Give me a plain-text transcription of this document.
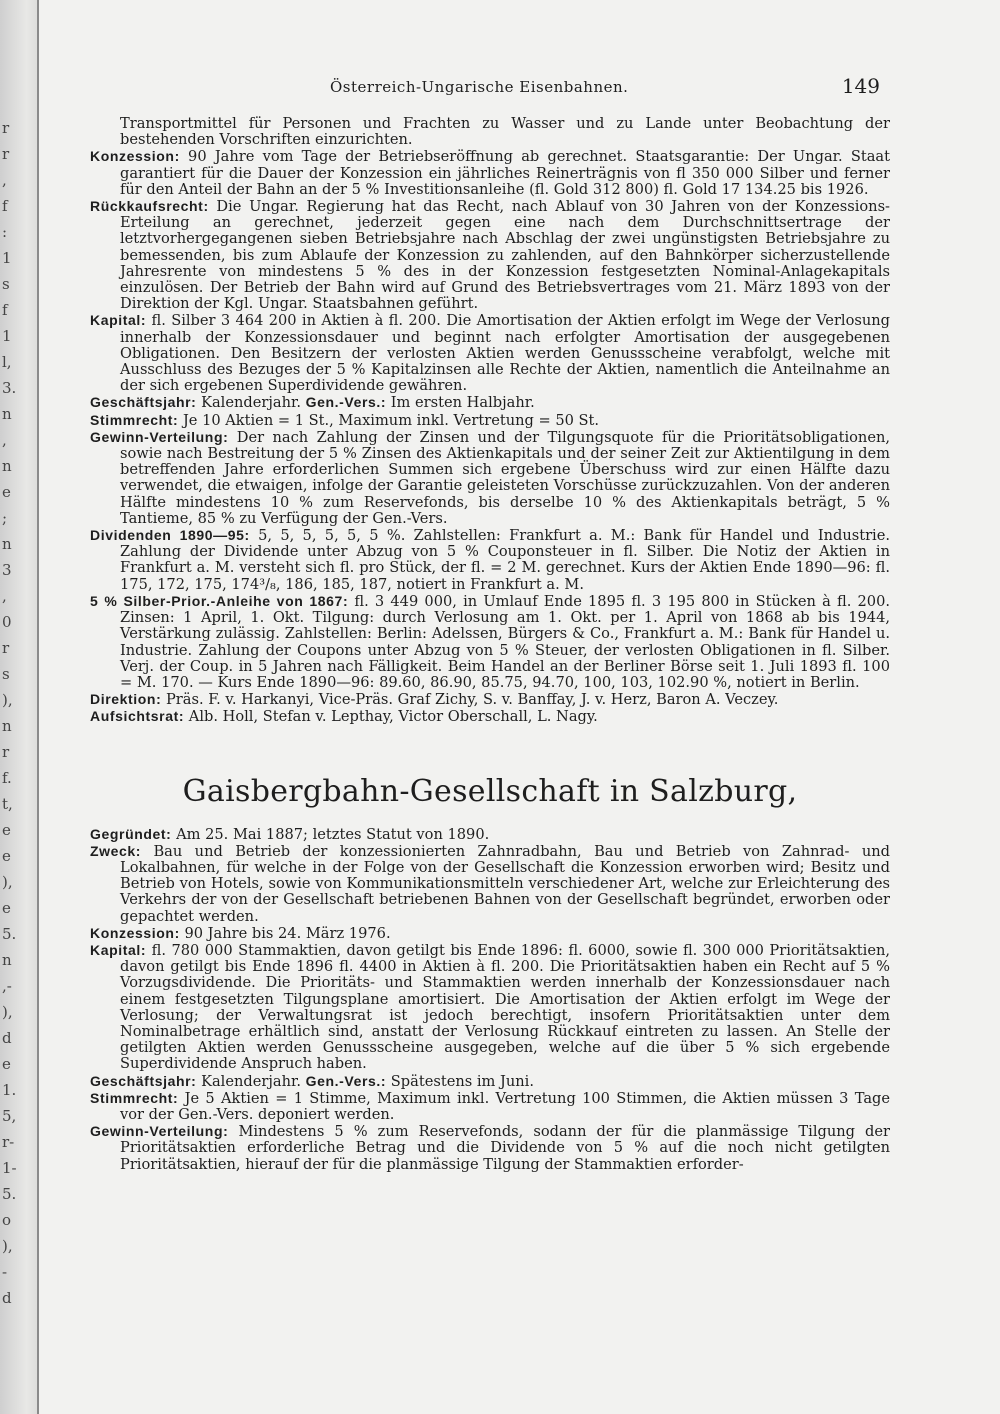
r
r
,
f
:
1
s
f
1
l,
3.
n
,
n
e
;
n
3
,
0
r
s
),
n
r
f.
t,
e
e
),
e
5.
n
,-
),
d
e
1.
5,
r-
1-
5.
o
),
-
d
Österreich-Ungarische Eisenbahnen.	149

Transportmittel für Personen und Frachten zu Wasser und zu Lande unter Beobachtung der bestehenden Vorschriften einzurichten.

Konzession: 90 Jahre vom Tage der Betriebseröffnung ab gerechnet. Staatsgarantie: Der Ungar. Staat garantiert für die Dauer der Konzession ein jährliches Reinerträgnis von fl 350 000 Silber und ferner für den Anteil der Bahn an der 5 % Investitionsanleihe (fl. Gold 312 800) fl. Gold 17 134.25 bis 1926.

Rückkaufsrecht: Die Ungar. Regierung hat das Recht, nach Ablauf von 30 Jahren von der Konzessions-Erteilung an gerechnet, jederzeit gegen eine nach dem Durchschnittsertrage der letztvorhergegangenen sieben Betriebsjahre nach Abschlag der zwei ungünstigsten Betriebsjahre zu bemessenden, bis zum Ablaufe der Konzession zu zahlenden, auf den Bahnkörper sicherzustellende Jahresrente von mindestens 5 % des in der Konzession festgesetzten Nominal-Anlagekapitals einzulösen. Der Betrieb der Bahn wird auf Grund des Betriebsvertrages vom 21. März 1893 von der Direktion der Kgl. Ungar. Staatsbahnen geführt.

Kapital: fl. Silber 3 464 200 in Aktien à fl. 200. Die Amortisation der Aktien erfolgt im Wege der Verlosung innerhalb der Konzessionsdauer und beginnt nach erfolgter Amortisation der ausgegebenen Obligationen. Den Besitzern der verlosten Aktien werden Genussscheine verabfolgt, welche mit Ausschluss des Bezuges der 5 % Kapitalzinsen alle Rechte der Aktien, namentlich die Anteilnahme an der sich ergebenen Superdividende gewähren.

Geschäftsjahr: Kalenderjahr. Gen.-Vers.: Im ersten Halbjahr.

Stimmrecht: Je 10 Aktien = 1 St., Maximum inkl. Vertretung = 50 St.

Gewinn-Verteilung: Der nach Zahlung der Zinsen und der Tilgungsquote für die Prioritätsobligationen, sowie nach Bestreitung der 5 % Zinsen des Aktienkapitals und der seiner Zeit zur Aktientilgung in dem betreffenden Jahre erforderlichen Summen sich ergebene Überschuss wird zur einen Hälfte dazu verwendet, die etwaigen, infolge der Garantie geleisteten Vorschüsse zurückzuzahlen. Von der anderen Hälfte mindestens 10 % zum Reservefonds, bis derselbe 10 % des Aktienkapitals beträgt, 5 % Tantieme, 85 % zu Verfügung der Gen.-Vers.

Dividenden 1890—95: 5, 5, 5, 5, 5, 5 %. Zahlstellen: Frankfurt a. M.: Bank für Handel und Industrie. Zahlung der Dividende unter Abzug von 5 % Couponsteuer in fl. Silber. Die Notiz der Aktien in Frankfurt a. M. versteht sich fl. pro Stück, der fl. = 2 M. gerechnet. Kurs der Aktien Ende 1890—96: fl. 175, 172, 175, 174³/₈, 186, 185, 187, notiert in Frankfurt a. M.

5 % Silber-Prior.-Anleihe von 1867: fl. 3 449 000, in Umlauf Ende 1895 fl. 3 195 800 in Stücken à fl. 200. Zinsen: 1 April, 1. Okt. Tilgung: durch Verlosung am 1. Okt. per 1. April von 1868 ab bis 1944, Verstärkung zulässig. Zahlstellen: Berlin: Adelssen, Bürgers & Co., Frankfurt a. M.: Bank für Handel u. Industrie. Zahlung der Coupons unter Abzug von 5 % Steuer, der verlosten Obligationen in fl. Silber. Verj. der Coup. in 5 Jahren nach Fälligkeit. Beim Handel an der Berliner Börse seit 1. Juli 1893 fl. 100 = M. 170. — Kurs Ende 1890—96: 89.60, 86.90, 85.75, 94.70, 100, 103, 102.90 %, notiert in Berlin.

Direktion: Präs. F. v. Harkanyi, Vice-Präs. Graf Zichy, S. v. Banffay, J. v. Herz, Baron A. Veczey.

Aufsichtsrat: Alb. Holl, Stefan v. Lepthay, Victor Oberschall, L. Nagy.

Gaisbergbahn-Gesellschaft in Salzburg,

Gegründet: Am 25. Mai 1887; letztes Statut von 1890.

Zweck: Bau und Betrieb der konzessionierten Zahnradbahn, Bau und Betrieb von Zahnrad- und Lokalbahnen, für welche in der Folge von der Gesellschaft die Konzession erworben wird; Besitz und Betrieb von Hotels, sowie von Kommunikationsmitteln verschiedener Art, welche zur Erleichterung des Verkehrs der von der Gesellschaft betriebenen Bahnen von der Gesellschaft begründet, erworben oder gepachtet werden.

Konzession: 90 Jahre bis 24. März 1976.

Kapital: fl. 780 000 Stammaktien, davon getilgt bis Ende 1896: fl. 6000, sowie fl. 300 000 Prioritätsaktien, davon getilgt bis Ende 1896 fl. 4400 in Aktien à fl. 200. Die Prioritätsaktien haben ein Recht auf 5 % Vorzugsdividende. Die Prioritäts- und Stammaktien werden innerhalb der Konzessionsdauer nach einem festgesetzten Tilgungsplane amortisiert. Die Amortisation der Aktien erfolgt im Wege der Verlosung; der Verwaltungsrat ist jedoch berechtigt, insofern Prioritätsaktien unter dem Nominalbetrage erhältlich sind, anstatt der Verlosung Rückkauf eintreten zu lassen. An Stelle der getilgten Aktien werden Genussscheine ausgegeben, welche auf die über 5 % sich ergebende Superdividende Anspruch haben.

Geschäftsjahr: Kalenderjahr. Gen.-Vers.: Spätestens im Juni.

Stimmrecht: Je 5 Aktien = 1 Stimme, Maximum inkl. Vertretung 100 Stimmen, die Aktien müssen 3 Tage vor der Gen.-Vers. deponiert werden.

Gewinn-Verteilung: Mindestens 5 % zum Reservefonds, sodann der für die planmässige Tilgung der Prioritätsaktien erforderliche Betrag und die Dividende von 5 % auf die noch nicht getilgten Prioritätsaktien, hierauf der für die planmässige Tilgung der Stammaktien erforder-
